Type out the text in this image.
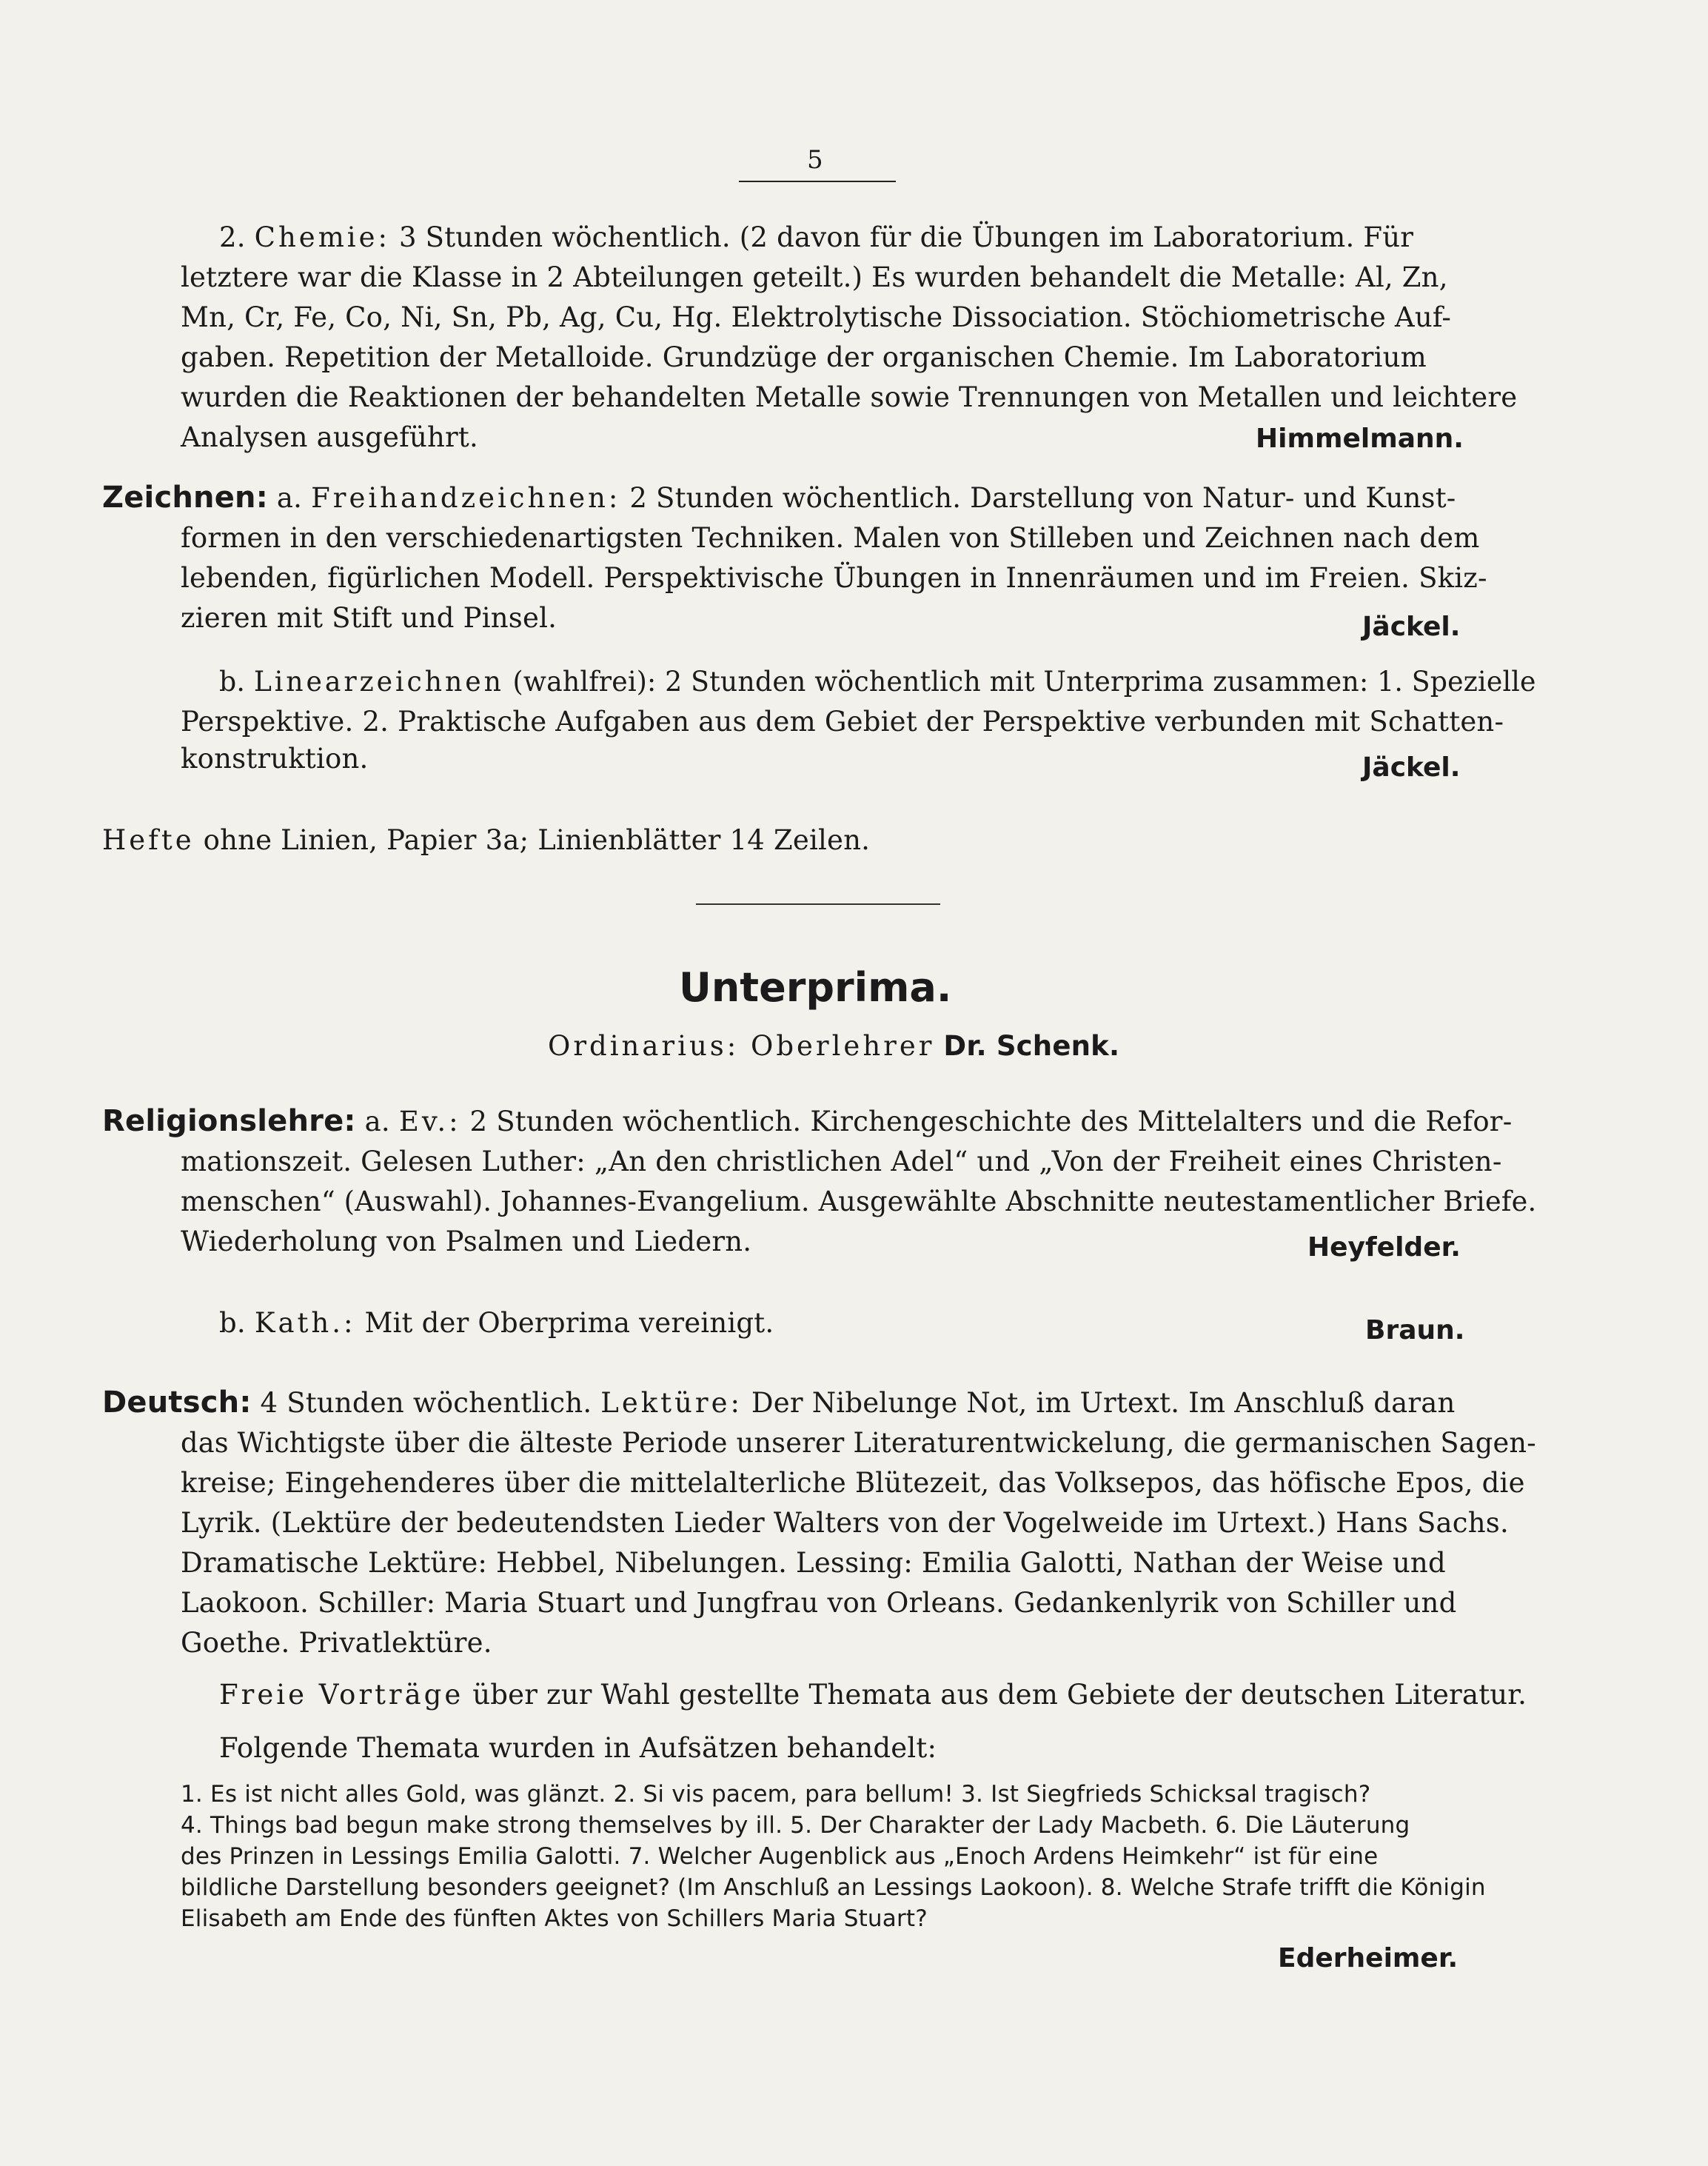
5
2. Chemie: 3 Stunden wöchentlich. (2 davon für die Übungen im Laboratorium. Für
letztere war die Klasse in 2 Abteilungen geteilt.) Es wurden behandelt die Metalle: Al, Zn,
Mn, Cr, Fe, Co, Ni, Sn, Pb, Ag, Cu, Hg. Elektrolytische Dissociation. Stöchiometrische Auf-
gaben. Repetition der Metalloide. Grundzüge der organischen Chemie. Im Laboratorium
wurden die Reaktionen der behandelten Metalle sowie Trennungen von Metallen und leichtere
Analysen ausgeführt.	Himmelmann.
Zeichnen: a. Freihandzeichnen: 2 Stunden wöchentlich. Darstellung von Natur- und Kunst-
formen in den verschiedenartigsten Techniken. Malen von Stilleben und Zeichnen nach dem
lebenden, figürlichen Modell. Perspektivische Übungen in Innenräumen und im Freien. Skiz-
zieren mit Stift und Pinsel.	Jäckel.
b. Linearzeichnen (wahlfrei): 2 Stunden wöchentlich mit Unterprima zusammen: 1. Spezielle
Perspektive. 2. Praktische Aufgaben aus dem Gebiet der Perspektive verbunden mit Schatten-
konstruktion.	Jäckel.
Hefte ohne Linien, Papier 3a; Linienblätter 14 Zeilen.
Unterprima.
Ordinarius: Oberlehrer Dr. Schenk.
Religionslehre: a. Ev.: 2 Stunden wöchentlich. Kirchengeschichte des Mittelalters und die Refor-
mationszeit. Gelesen Luther: „An den christlichen Adel“ und „Von der Freiheit eines Christen-
menschen“ (Auswahl). Johannes-Evangelium. Ausgewählte Abschnitte neutestamentlicher Briefe.
Wiederholung von Psalmen und Liedern.	Heyfelder.
b. Kath.: Mit der Oberprima vereinigt.	Braun.
Deutsch: 4 Stunden wöchentlich. Lektüre: Der Nibelunge Not, im Urtext. Im Anschluß daran
das Wichtigste über die älteste Periode unserer Literaturentwickelung, die germanischen Sagen-
kreise; Eingehenderes über die mittelalterliche Blütezeit, das Volksepos, das höfische Epos, die
Lyrik. (Lektüre der bedeutendsten Lieder Walters von der Vogelweide im Urtext.) Hans Sachs.
Dramatische Lektüre: Hebbel, Nibelungen. Lessing: Emilia Galotti, Nathan der Weise und
Laokoon. Schiller: Maria Stuart und Jungfrau von Orleans. Gedankenlyrik von Schiller und
Goethe. Privatlektüre.
Freie Vorträge über zur Wahl gestellte Themata aus dem Gebiete der deutschen Literatur.
Folgende Themata wurden in Aufsätzen behandelt:
1. Es ist nicht alles Gold, was glänzt. 2. Si vis pacem, para bellum! 3. Ist Siegfrieds Schicksal tragisch?
4. Things bad begun make strong themselves by ill. 5. Der Charakter der Lady Macbeth. 6. Die Läuterung
des Prinzen in Lessings Emilia Galotti. 7. Welcher Augenblick aus „Enoch Ardens Heimkehr“ ist für eine
bildliche Darstellung besonders geeignet? (Im Anschluß an Lessings Laokoon). 8. Welche Strafe trifft die Königin
Elisabeth am Ende des fünften Aktes von Schillers Maria Stuart?
Ederheimer.
